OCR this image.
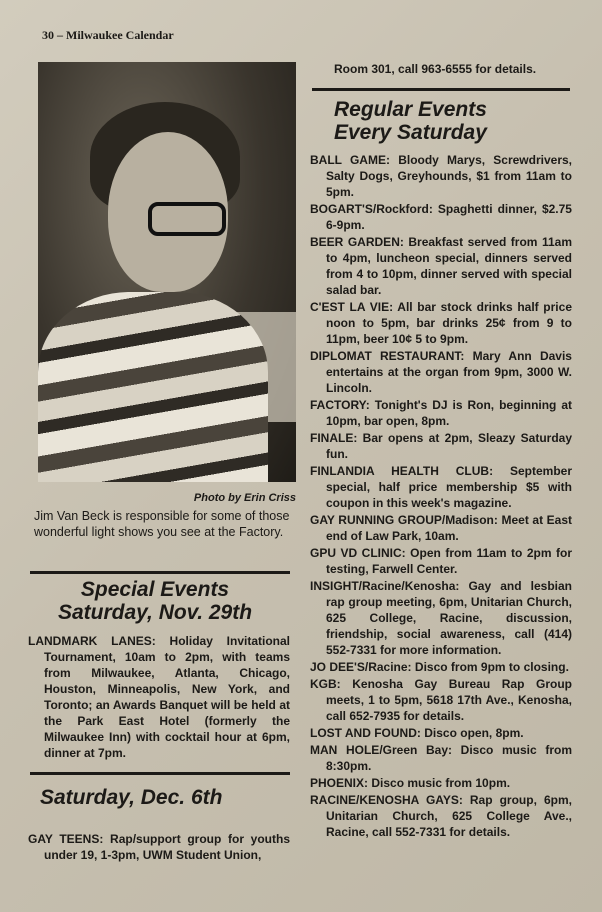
30 – Milwaukee Calendar
Photo by Erin Criss
Jim Van Beck is responsible for some of those wonderful light shows you see at the Factory.
Special Events
Saturday, Nov. 29th

LANDMARK LANES: Holiday Invitational Tournament, 10am to 2pm, with teams from Milwaukee, Atlanta, Chicago, Houston, Minneapolis, New York, and Toronto; an Awards Banquet will be held at the Park East Hotel (formerly the Milwaukee Inn) with cocktail hour at 6pm, dinner at 7pm.

Saturday, Dec. 6th

GAY TEENS: Rap/support group for youths under 19, 1-3pm, UWM Student Union,

Room 301, call 963-6555 for details.
Regular Events
Every Saturday

BALL GAME: Bloody Marys, Screwdrivers, Salty Dogs, Greyhounds, $1 from 11am to 5pm.

BOGART'S/Rockford: Spaghetti dinner, $2.75 6-9pm.

BEER GARDEN: Breakfast served from 11am to 4pm, luncheon special, dinners served from 4 to 10pm, dinner served with special salad bar.

C'EST LA VIE: All bar stock drinks half price noon to 5pm, bar drinks 25¢ from 9 to 11pm, beer 10¢ 5 to 9pm.

DIPLOMAT RESTAURANT: Mary Ann Davis entertains at the organ from 9pm, 3000 W. Lincoln.

FACTORY: Tonight's DJ is Ron, beginning at 10pm, bar open, 8pm.

FINALE: Bar opens at 2pm, Sleazy Saturday fun.

FINLANDIA HEALTH CLUB: September special, half price membership $5 with coupon in this week's magazine.

GAY RUNNING GROUP/Madison: Meet at East end of Law Park, 10am.

GPU VD CLINIC: Open from 11am to 2pm for testing, Farwell Center.

INSIGHT/Racine/Kenosha: Gay and lesbian rap group meeting, 6pm, Unitarian Church, 625 College, Racine, discussion, friendship, social awareness, call (414) 552-7331 for more information.

JO DEE'S/Racine: Disco from 9pm to closing.

KGB: Kenosha Gay Bureau Rap Group meets, 1 to 5pm, 5618 17th Ave., Kenosha, call 652-7935 for details.

LOST AND FOUND: Disco open, 8pm.

MAN HOLE/Green Bay: Disco music from 8:30pm.

PHOENIX: Disco music from 10pm.

RACINE/KENOSHA GAYS: Rap group, 6pm, Unitarian Church, 625 College Ave., Racine, call 552-7331 for details.
